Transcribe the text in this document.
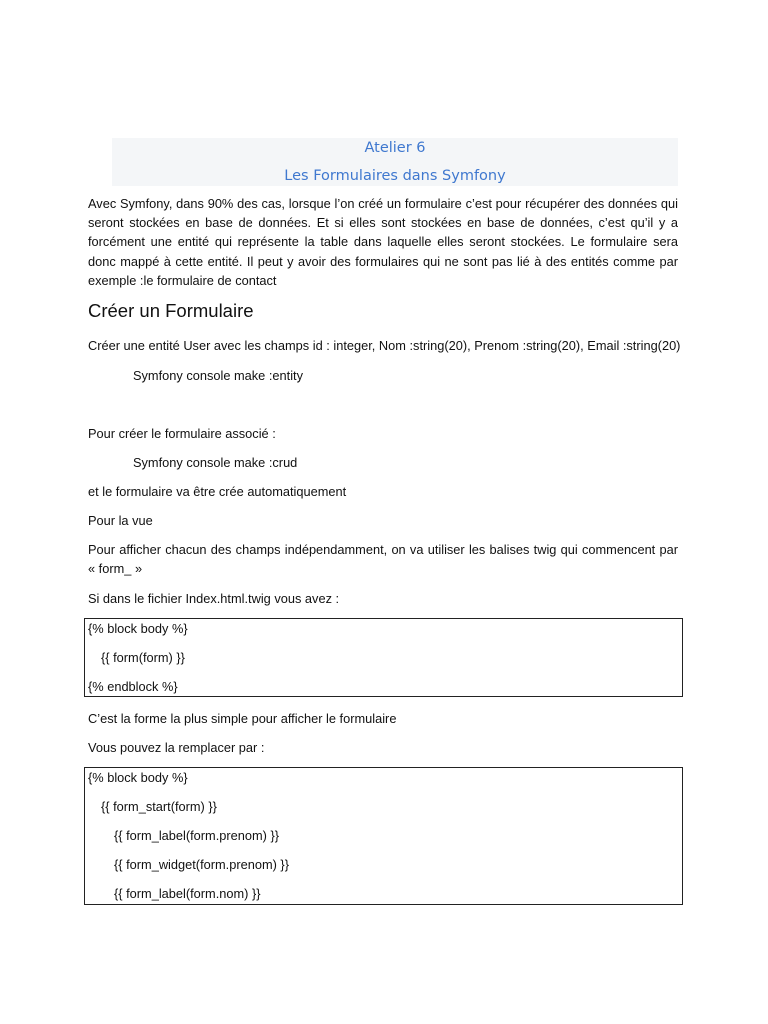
Atelier 6
Les Formulaires dans Symfony
Avec Symfony, dans 90% des cas, lorsque l’on créé un formulaire c’est pour récupérer des données qui seront stockées en base de données. Et si elles sont stockées en base de données, c’est qu’il y a forcément une entité qui représente la table dans laquelle elles seront stockées. Le formulaire sera donc mappé à cette entité. Il peut y avoir des formulaires qui ne sont pas lié à des entités comme par exemple :le formulaire de contact
Créer un Formulaire
Créer une entité User avec les champs id : integer, Nom :string(20), Prenom :string(20), Email :string(20)
Symfony console make :entity
Pour créer le formulaire associé :
Symfony console make :crud
et le formulaire va être crée automatiquement
Pour la vue
Pour afficher chacun des champs indépendamment, on va utiliser les balises twig qui commencent par « form_ »
Si dans le fichier Index.html.twig vous avez :
{% block body %}
{{ form(form) }}
{% endblock %}
C’est la forme la plus simple pour afficher le formulaire
Vous pouvez la remplacer par :
{% block body %}
{{ form_start(form) }}
{{ form_label(form.prenom) }}
{{ form_widget(form.prenom) }}
{{ form_label(form.nom) }}
